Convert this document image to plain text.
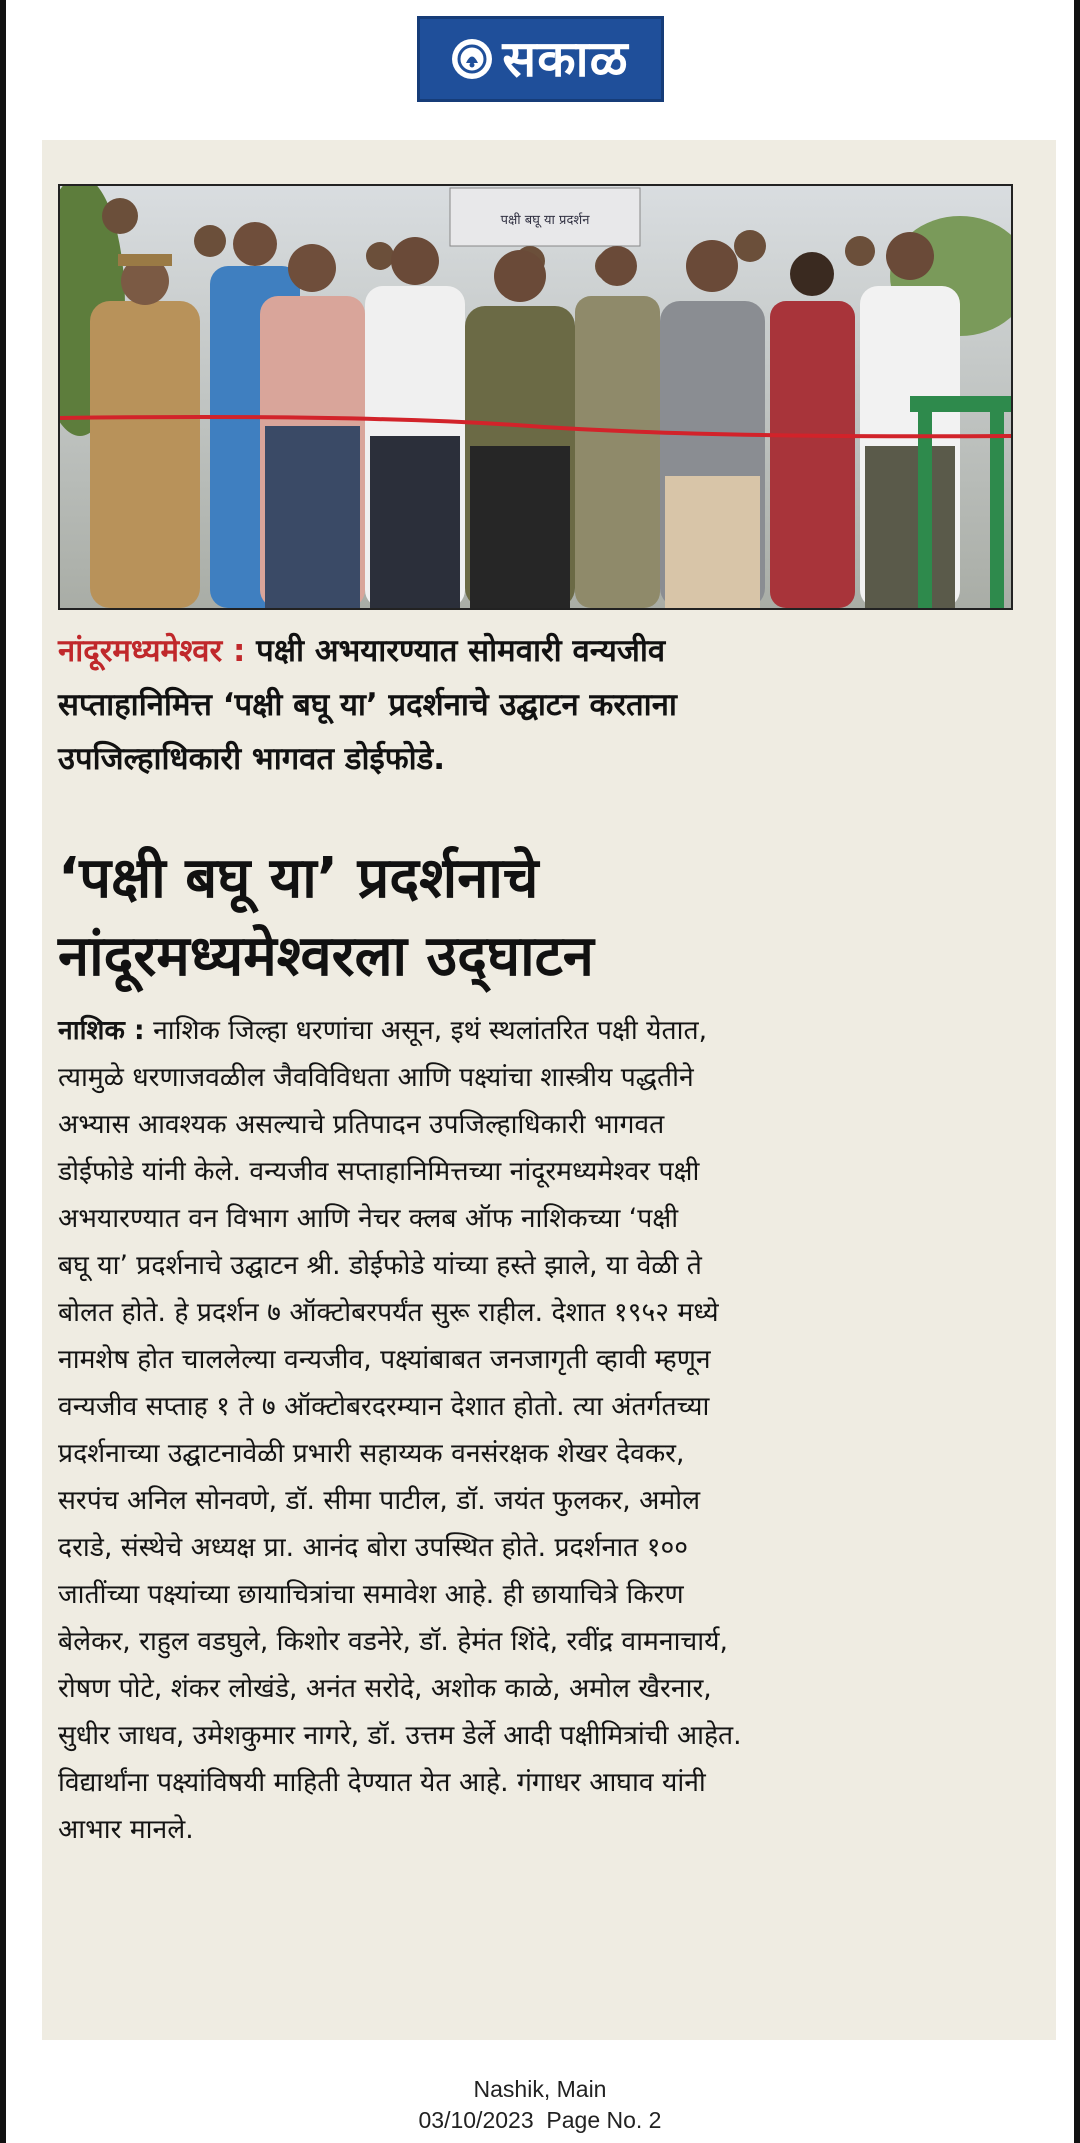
सकाळ
पक्षी बघू या प्रदर्शन
नांदूरमध्यमेश्वर : पक्षी अभयारण्यात सोमवारी वन्यजीव
सप्ताहानिमित्त ‘पक्षी बघू या’ प्रदर्शनाचे उद्घाटन करताना
उपजिल्हाधिकारी भागवत डोईफोडे.
‘पक्षी बघू या’ प्रदर्शनाचे
नांदूरमध्यमेश्वरला उद्‌घाटन
नाशिक : नाशिक जिल्हा धरणांचा असून, इथं स्थलांतरित पक्षी येतात,
त्यामुळे धरणाजवळील जैवविविधता आणि पक्ष्यांचा शास्त्रीय पद्धतीने
अभ्यास आवश्यक असल्याचे प्रतिपादन उपजिल्हाधिकारी भागवत
डोईफोडे यांनी केले. वन्यजीव सप्ताहानिमित्तच्या नांदूरमध्यमेश्वर पक्षी
अभयारण्यात वन विभाग आणि नेचर क्लब ऑफ नाशिकच्या ‘पक्षी
बघू या’ प्रदर्शनाचे उद्घाटन श्री. डोईफोडे यांच्या हस्ते झाले, या वेळी ते
बोलत होते. हे प्रदर्शन ७ ऑक्टोबरपर्यंत सुरू राहील. देशात १९५२ मध्ये
नामशेष होत चाललेल्या वन्यजीव, पक्ष्यांबाबत जनजागृती व्हावी म्हणून
वन्यजीव सप्ताह १ ते ७ ऑक्टोबरदरम्यान देशात होतो. त्या अंतर्गतच्या
प्रदर्शनाच्या उद्घाटनावेळी प्रभारी सहाय्यक वनसंरक्षक शेखर देवकर,
सरपंच अनिल सोनवणे, डॉ. सीमा पाटील, डॉ. जयंत फुलकर, अमोल
दराडे, संस्थेचे अध्यक्ष प्रा. आनंद बोरा उपस्थित होते. प्रदर्शनात १००
जातींच्या पक्ष्यांच्या छायाचित्रांचा समावेश आहे. ही छायाचित्रे किरण
बेलेकर, राहुल वडघुले, किशोर वडनेरे, डॉ. हेमंत शिंदे, रवींद्र वामनाचार्य,
रोषण पोटे, शंकर लोखंडे, अनंत सरोदे, अशोक काळे, अमोल खैरनार,
सुधीर जाधव, उमेशकुमार नागरे, डॉ. उत्तम डेर्ले आदी पक्षीमित्रांची आहेत.
विद्यार्थांना पक्ष्यांविषयी माहिती देण्यात येत आहे. गंगाधर आघाव यांनी
आभार मानले.
Nashik, Main
03/10/2023  Page No. 2
